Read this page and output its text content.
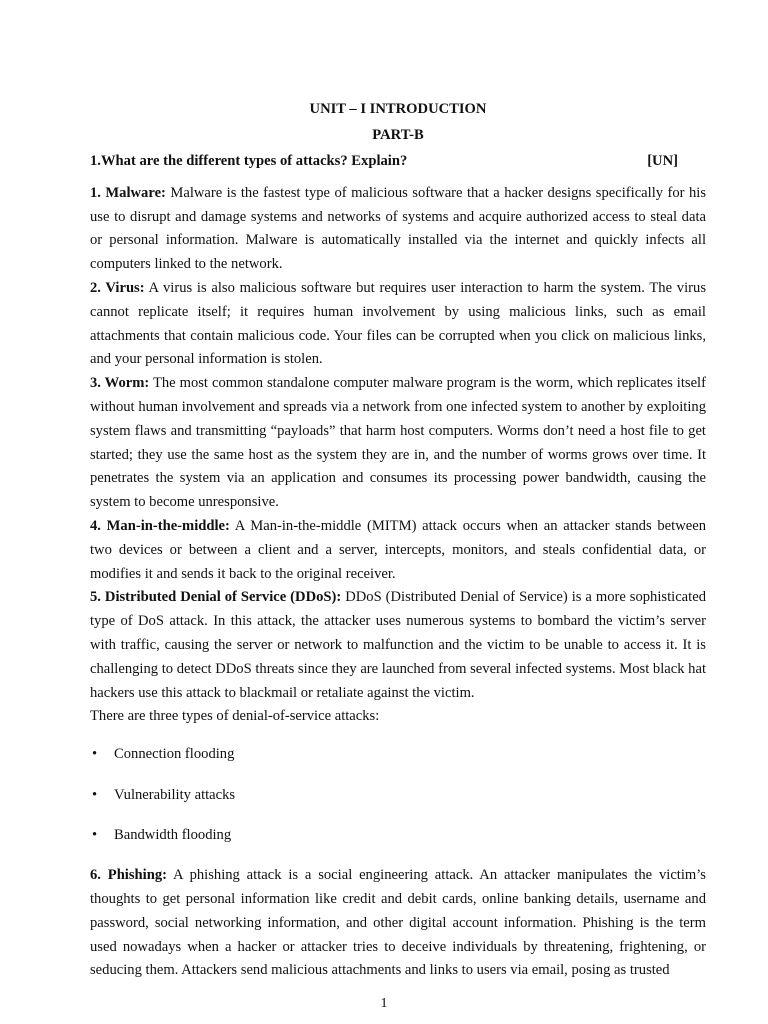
UNIT – I INTRODUCTION
PART-B
1.What are the different types of attacks? Explain?	[UN]

1. Malware: Malware is the fastest type of malicious software that a hacker designs specifically for his use to disrupt and damage systems and networks of systems and acquire authorized access to steal data or personal information. Malware is automatically installed via the internet and quickly infects all computers linked to the network.

2. Virus: A virus is also malicious software but requires user interaction to harm the system. The virus cannot replicate itself; it requires human involvement by using malicious links, such as email attachments that contain malicious code. Your files can be corrupted when you click on malicious links, and your personal information is stolen.

3. Worm: The most common standalone computer malware program is the worm, which replicates itself without human involvement and spreads via a network from one infected system to another by exploiting system flaws and transmitting “payloads” that harm host computers. Worms don’t need a host file to get started; they use the same host as the system they are in, and the number of worms grows over time. It penetrates the system via an application and consumes its processing power bandwidth, causing the system to become unresponsive.

4. Man-in-the-middle: A Man-in-the-middle (MITM) attack occurs when an attacker stands between two devices or between a client and a server, intercepts, monitors, and steals confidential data, or modifies it and sends it back to the original receiver.

5. Distributed Denial of Service (DDoS): DDoS (Distributed Denial of Service) is a more sophisticated type of DoS attack. In this attack, the attacker uses numerous systems to bombard the victim’s server with traffic, causing the server or network to malfunction and the victim to be unable to access it. It is challenging to detect DDoS threats since they are launched from several infected systems. Most black hat hackers use this attack to blackmail or retaliate against the victim.

There are three types of denial-of-service attacks:

• Connection flooding
• Vulnerability attacks
• Bandwidth flooding

6. Phishing: A phishing attack is a social engineering attack. An attacker manipulates the victim’s thoughts to get personal information like credit and debit cards, online banking details, username and password, social networking information, and other digital account information. Phishing is the term used nowadays when a hacker or attacker tries to deceive individuals by threatening, frightening, or seducing them. Attackers send malicious attachments and links to users via email, posing as trusted

1
